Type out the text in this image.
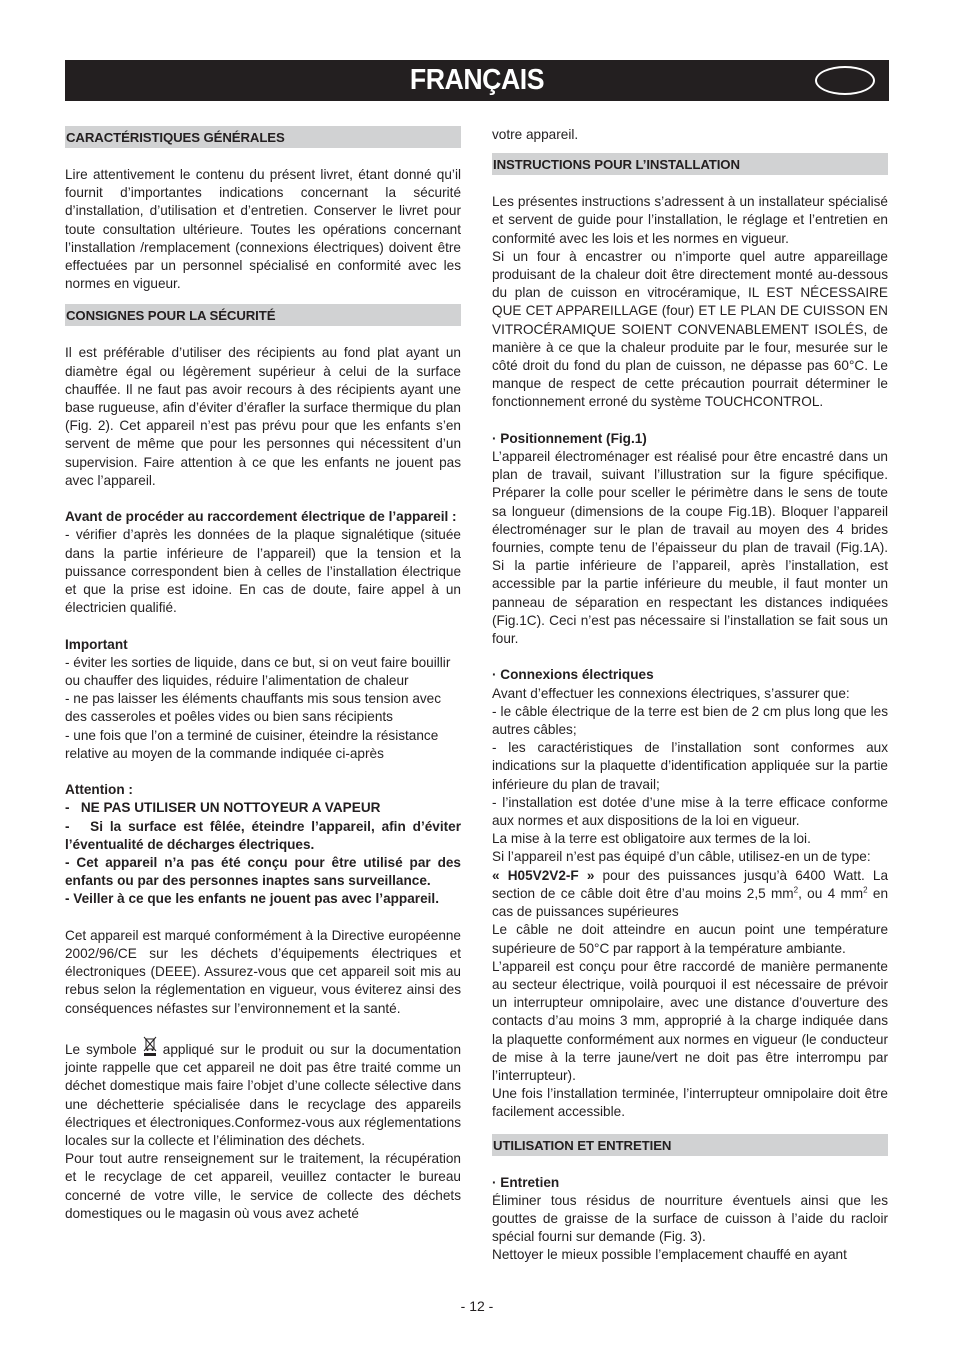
FRANÇAIS
CARACTÉRISTIQUES GÉNÉRALES

Lire attentivement le contenu du présent livret, étant donné qu’il fournit d’importantes indications concernant la sécurité d’installation, d’utilisation et d’entretien. Conserver le livret pour toute consultation ultérieure. Toutes les opérations concernant l’installation /remplacement (connexions électriques) doivent être effectuées par un personnel spécialisé en conformité avec les normes en vigueur.

CONSIGNES POUR LA SÉCURITÉ

Il est préférable d’utiliser des récipients au fond plat ayant un diamètre égal ou légèrement supérieur à celui de la surface chauffée. Il ne faut pas avoir recours à des récipients ayant une base rugueuse, afin d’éviter d’érafler la surface thermique du plan (Fig. 2). Cet appareil n’est pas prévu pour que les enfants s’en servent de même que pour les personnes qui nécessitent d’un supervision. Faire attention à ce que les enfants ne jouent pas avec l’appareil.

Avant de procéder au raccordement électrique de l’appareil :

- vérifier d’après les données de la plaque signalétique (située dans la partie inférieure de l’appareil) que la tension et la puissance correspondent bien à celles de l’installation électrique et que la prise est idoine. En cas de doute, faire appel à un électricien qualifié.

Important

- éviter les sorties de liquide, dans ce but, si on veut faire bouillir ou chauffer des liquides, réduire l’alimentation de chaleur

- ne pas laisser les éléments chauffants mis sous tension avec des casseroles et poêles vides ou bien sans récipients

- une fois que l’on a terminé de cuisiner, éteindre la résistance relative au moyen de la commande indiquée ci-après

Attention :

-   NE PAS UTILISER UN NOTTOYEUR A VAPEUR

-   Si la surface est fêlée, éteindre l’appareil, afin d’éviter l’éventualité de décharges électriques.

- Cet appareil n’a pas été conçu pour être utilisé par des enfants ou par des personnes inaptes sans surveillance.

- Veiller à ce que les enfants ne jouent pas avec l’appareil.

Cet appareil est marqué conformément à la Directive européenne 2002/96/CE sur les déchets d’équipements électriques et électroniques (DEEE). Assurez-vous que cet appareil soit mis au rebus selon la réglementation en vigueur, vous éviterez ainsi des conséquences néfastes sur l’environnement et la santé.

Le symbole appliqué sur le produit ou sur la documentation jointe rappelle que cet appareil ne doit pas être traité comme un déchet domestique mais faire l’objet d’une collecte sélective dans une déchetterie spécialisée dans le recyclage des appareils électriques et électroniques.Conformez-vous aux réglementations locales sur la collecte et l’élimination des déchets.

Pour tout autre renseignement sur le traitement, la récupération et le recyclage de cet appareil, veuillez contacter le bureau concerné de votre ville, le service de collecte des déchets domestiques ou le magasin où vous avez acheté

votre appareil.

INSTRUCTIONS POUR L’INSTALLATION

Les présentes instructions s’adressent à un installateur spécialisé et servent de guide pour l’installation, le réglage et l’entretien en conformité avec les lois et les normes en vigueur.

Si un four à encastrer ou n’importe quel autre appareillage produisant de la chaleur doit être directement monté au-dessous du plan de cuisson en vitrocéramique, IL EST NÉCESSAIRE QUE CET APPAREILLAGE (four) ET LE PLAN DE CUISSON EN VITROCÉRAMIQUE SOIENT CONVENABLEMENT ISOLÉS, de manière à ce que la chaleur produite par le four, mesurée sur le côté droit du fond du plan de cuisson, ne dépasse pas 60°C. Le manque de respect de cette précaution pourrait déterminer le fonctionnement erroné du système TOUCHCONTROL.

· Positionnement (Fig.1)

L’appareil électroménager est réalisé pour être encastré dans un plan de travail, suivant l’illustration sur la figure spécifique. Préparer la colle pour sceller le périmètre dans le sens de toute sa longueur (dimensions de la coupe Fig.1B). Bloquer l’appareil électroménager sur le plan de travail au moyen des 4 brides fournies, compte tenu de l’épaisseur du plan de travail (Fig.1A). Si la partie inférieure de l’appareil, après l’installation, est accessible par la partie inférieure du meuble, il faut monter un panneau de séparation en respectant les distances indiquées (Fig.1C). Ceci n’est pas nécessaire si l’installation se fait sous un four.

· Connexions électriques

Avant d’effectuer les connexions électriques, s’assurer que:

- le câble électrique de la terre est bien de 2 cm plus long que les autres câbles;

- les caractéristiques de l’installation sont conformes aux indications sur la plaquette d’identification appliquée sur la partie inférieure du plan de travail;

- l’installation est dotée d’une mise à la terre efficace conforme aux normes et aux dispositions de la loi en vigueur.

La mise à la terre est obligatoire aux termes de la loi.

Si l’appareil n’est pas équipé d’un câble, utilisez-en un de type:

« H05V2V2-F » pour des puissances jusqu’à 6400 Watt. La section de ce câble doit être d’au moins 2,5 $mm^2$, ou 4 $mm^2$ en cas de puissances supérieures

Le câble ne doit atteindre en aucun point une température supérieure de 50°C par rapport à la température ambiante.

L’appareil est conçu pour être raccordé de manière permanente au secteur électrique, voilà pourquoi il est nécessaire de prévoir un interrupteur omnipolaire, avec une distance d’ouverture des contacts d’au moins 3 mm, approprié à la charge indiquée dans la plaquette conformément aux normes en vigueur (le conducteur de mise à la terre jaune/vert ne doit pas être interrompu par l’interrupteur).

Une fois l’installation terminée, l’interrupteur omnipolaire doit être facilement accessible.

UTILISATION ET ENTRETIEN

· Entretien

Éliminer tous résidus de nourriture éventuels ainsi que les gouttes de graisse de la surface de cuisson à l’aide du racloir spécial fourni sur demande (Fig. 3).

Nettoyer le mieux possible l’emplacement chauffé en ayant

- 12 -
